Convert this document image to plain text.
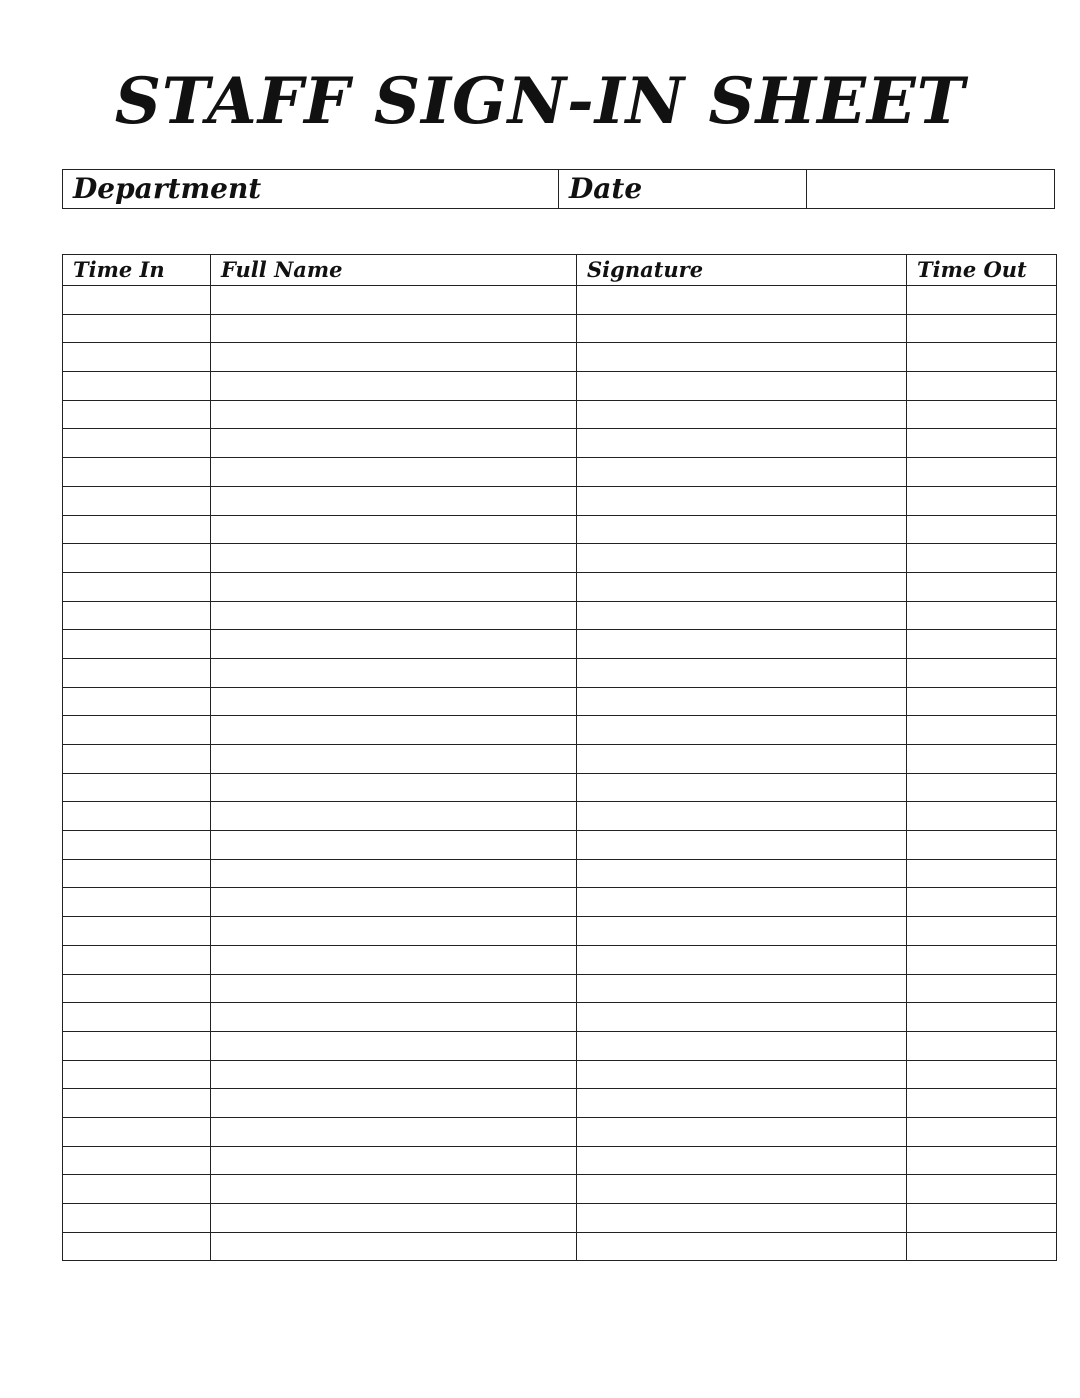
STAFF SIGN-IN SHEET
Department	Date	
Time In	Full Name	Signature	Time Out
